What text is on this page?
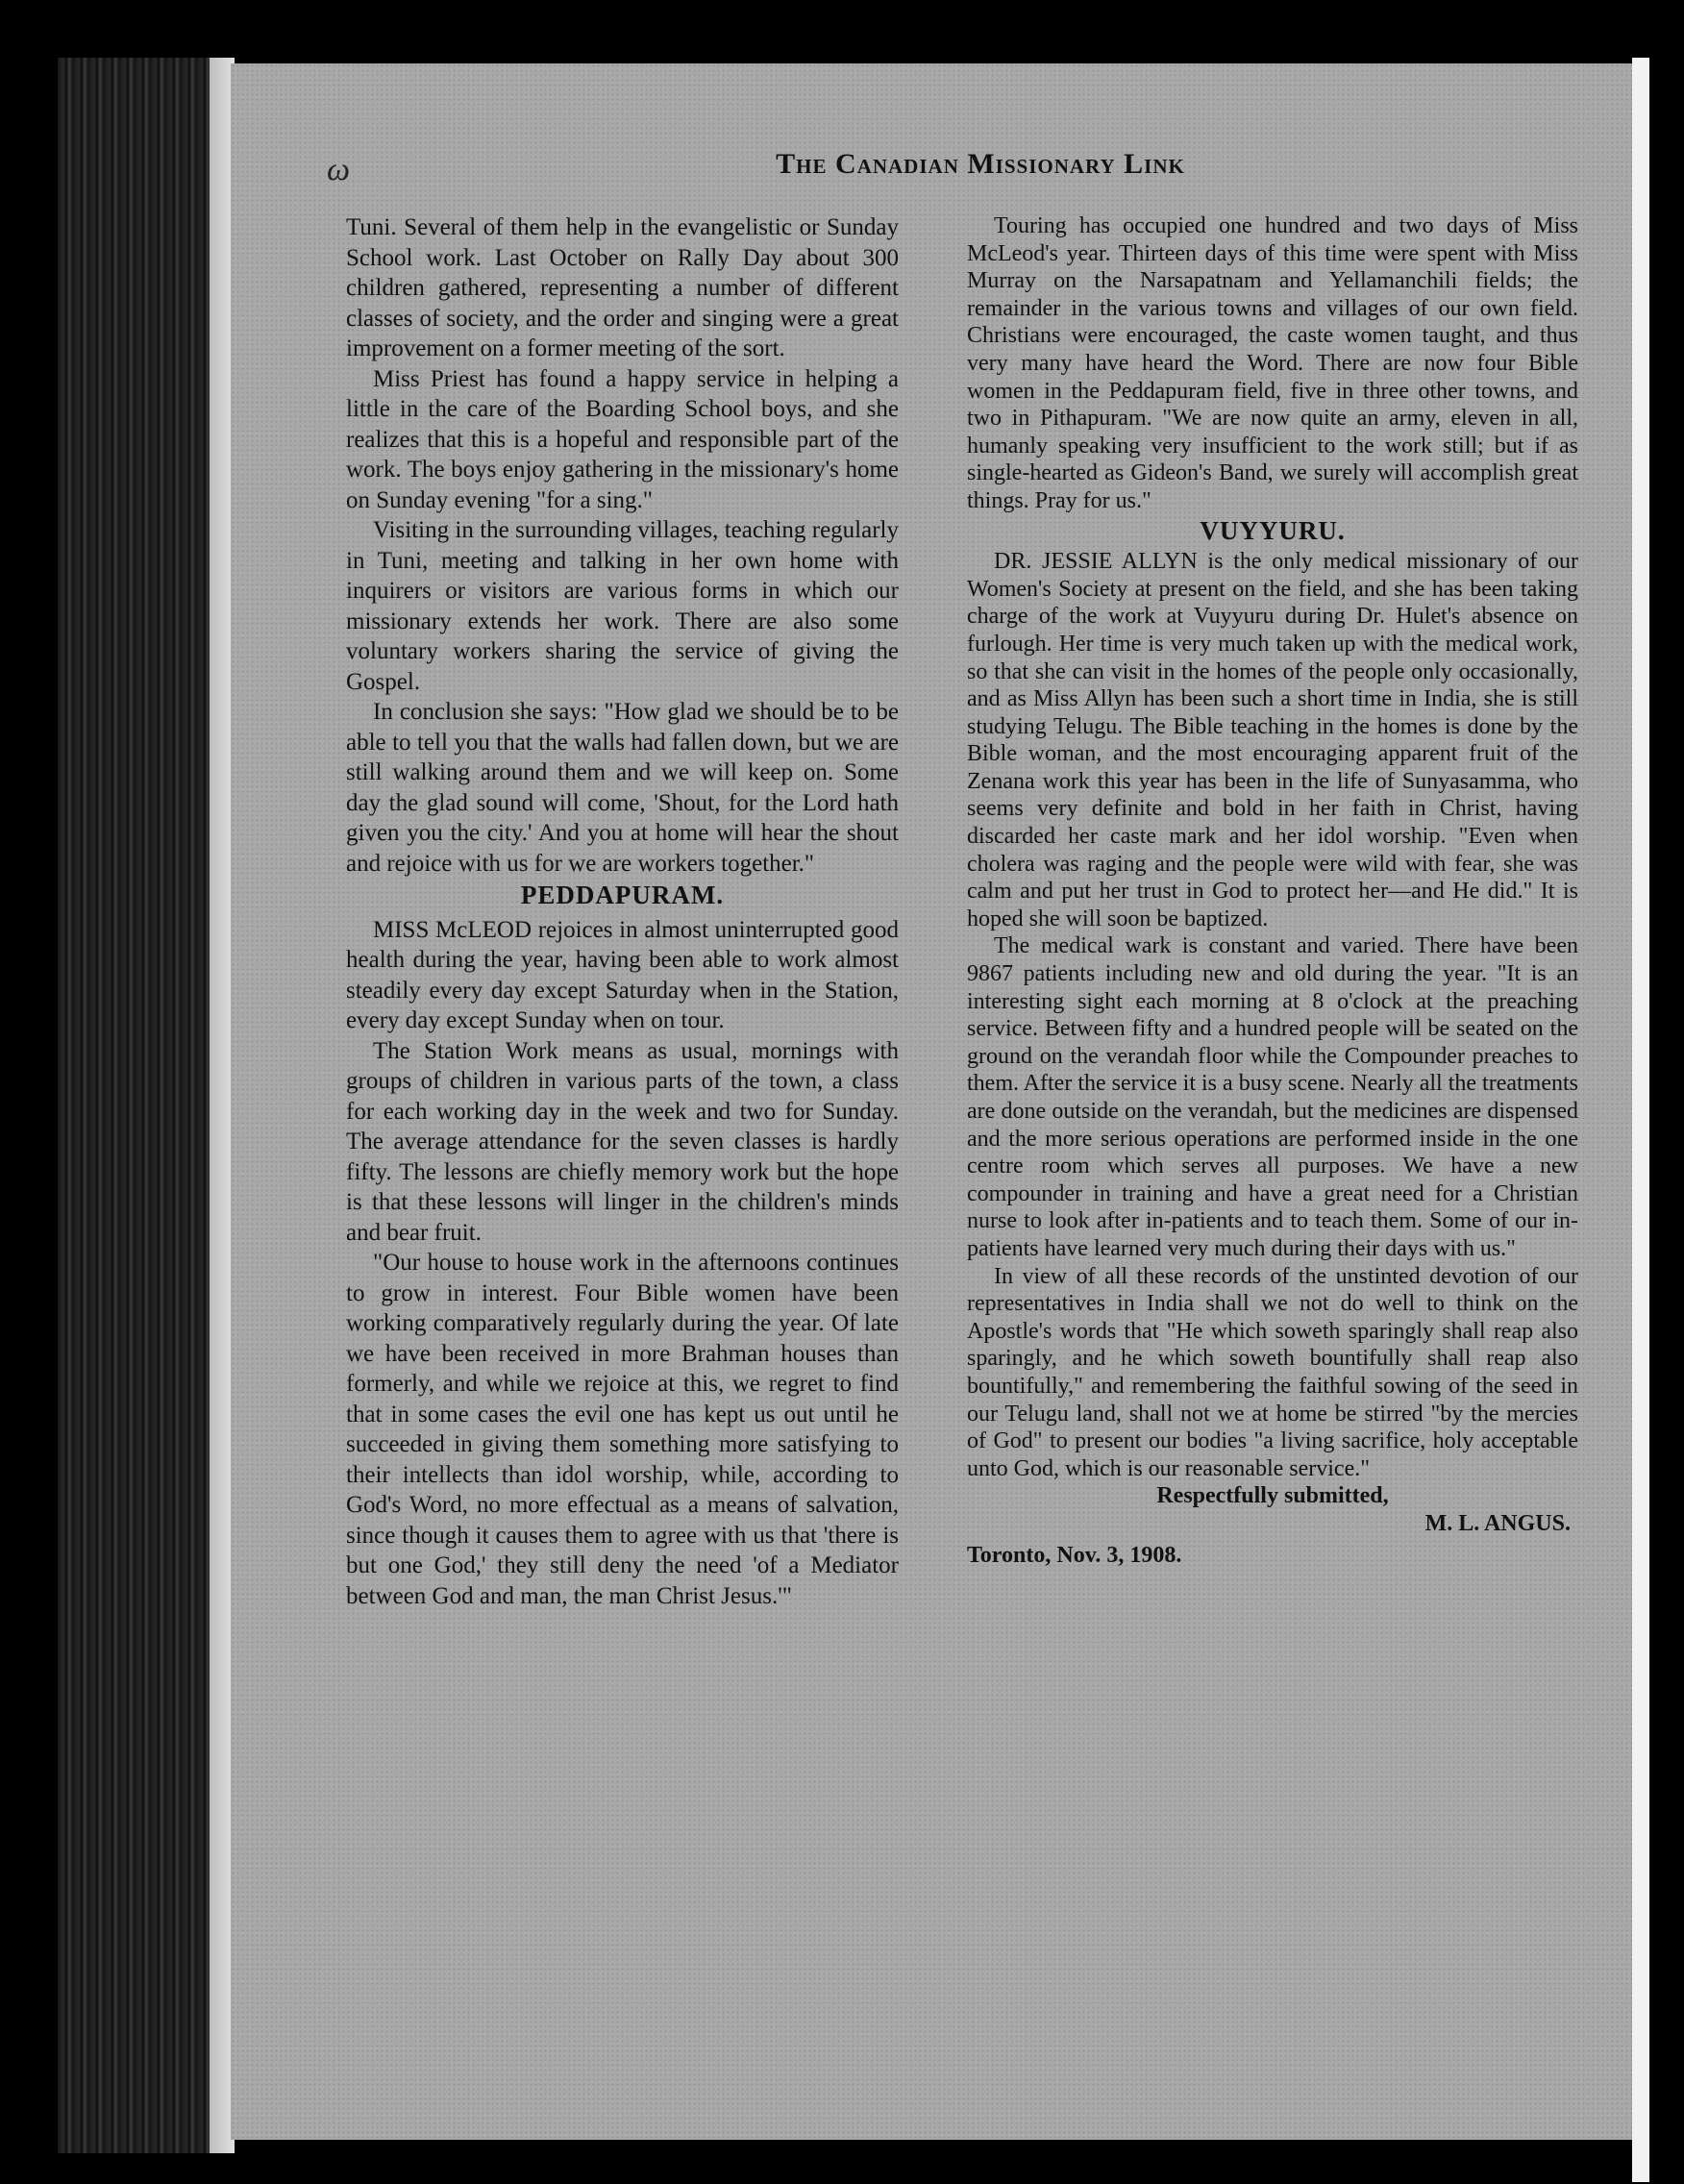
ω	The Canadian Missionary Link

Tuni. Several of them help in the evangelistic or Sunday School work. Last October on Rally Day about 300 children gathered, representing a number of different classes of society, and the order and singing were a great improvement on a former meeting of the sort.

Miss Priest has found a happy service in helping a little in the care of the Boarding School boys, and she realizes that this is a hopeful and responsible part of the work. The boys enjoy gathering in the missionary's home on Sunday evening "for a sing."

Visiting in the surrounding villages, teaching regularly in Tuni, meeting and talking in her own home with inquirers or visitors are various forms in which our missionary extends her work. There are also some voluntary workers sharing the service of giving the Gospel.

In conclusion she says: "How glad we should be to be able to tell you that the walls had fallen down, but we are still walking around them and we will keep on. Some day the glad sound will come, 'Shout, for the Lord hath given you the city.' And you at home will hear the shout and rejoice with us for we are workers together."

PEDDAPURAM.

MISS McLEOD rejoices in almost uninterrupted good health during the year, having been able to work almost steadily every day except Saturday when in the Station, every day except Sunday when on tour.

The Station Work means as usual, mornings with groups of children in various parts of the town, a class for each working day in the week and two for Sunday. The average attendance for the seven classes is hardly fifty. The lessons are chiefly memory work but the hope is that these lessons will linger in the children's minds and bear fruit.

"Our house to house work in the afternoons continues to grow in interest. Four Bible women have been working comparatively regularly during the year. Of late we have been received in more Brahman houses than formerly, and while we rejoice at this, we regret to find that in some cases the evil one has kept us out until he succeeded in giving them something more satisfying to their intellects than idol worship, while, according to God's Word, no more effectual as a means of salvation, since though it causes them to agree with us that 'there is but one God,' they still deny the need 'of a Mediator between God and man, the man Christ Jesus.'"

Touring has occupied one hundred and two days of Miss McLeod's year. Thirteen days of this time were spent with Miss Murray on the Narsapatnam and Yellamanchili fields; the remainder in the various towns and villages of our own field. Christians were encouraged, the caste women taught, and thus very many have heard the Word. There are now four Bible women in the Peddapuram field, five in three other towns, and two in Pithapuram. "We are now quite an army, eleven in all, humanly speaking very insufficient to the work still; but if as single-hearted as Gideon's Band, we surely will accomplish great things. Pray for us."

VUYYURU.

DR. JESSIE ALLYN is the only medical missionary of our Women's Society at present on the field, and she has been taking charge of the work at Vuyyuru during Dr. Hulet's absence on furlough. Her time is very much taken up with the medical work, so that she can visit in the homes of the people only occasionally, and as Miss Allyn has been such a short time in India, she is still studying Telugu. The Bible teaching in the homes is done by the Bible woman, and the most encouraging apparent fruit of the Zenana work this year has been in the life of Sunyasamma, who seems very definite and bold in her faith in Christ, having discarded her caste mark and her idol worship. "Even when cholera was raging and the people were wild with fear, she was calm and put her trust in God to protect her—and He did." It is hoped she will soon be baptized.

The medical wark is constant and varied. There have been 9867 patients including new and old during the year. "It is an interesting sight each morning at 8 o'clock at the preaching service. Between fifty and a hundred people will be seated on the ground on the verandah floor while the Compounder preaches to them. After the service it is a busy scene. Nearly all the treatments are done outside on the verandah, but the medicines are dispensed and the more serious operations are performed inside in the one centre room which serves all purposes. We have a new compounder in training and have a great need for a Christian nurse to look after in-patients and to teach them. Some of our in-patients have learned very much during their days with us."

In view of all these records of the unstinted devotion of our representatives in India shall we not do well to think on the Apostle's words that "He which soweth sparingly shall reap also sparingly, and he which soweth bountifully shall reap also bountifully," and remembering the faithful sowing of the seed in our Telugu land, shall not we at home be stirred "by the mercies of God" to present our bodies "a living sacrifice, holy acceptable unto God, which is our reasonable service."

Respectfully submitted,

M. L. ANGUS.

Toronto, Nov. 3, 1908.
